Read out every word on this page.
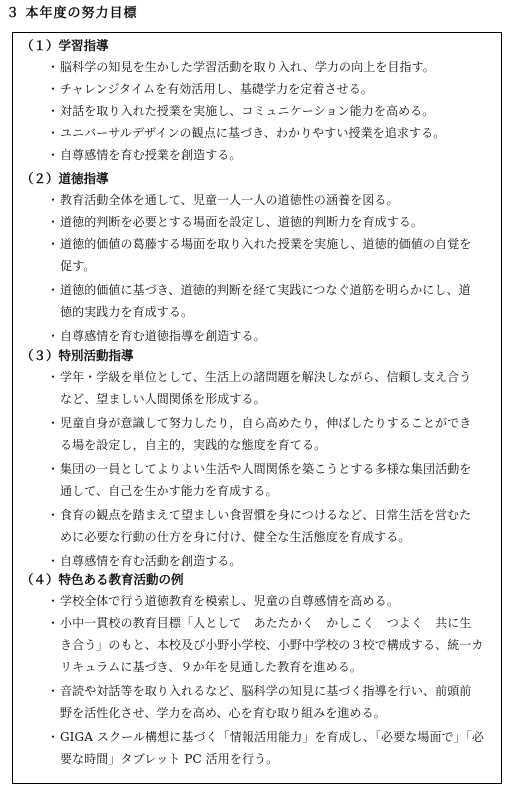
３ 本年度の努力目標
（１）学習指導
・ 脳科学の知見を生かした学習活動を取り入れ、学力の向上を目指す。
・ チャレンジタイムを有効活用し、基礎学力を定着させる。
・ 対話を取り入れた授業を実施し、コミュニケーション能力を高める。
・ ユニバーサルデザインの観点に基づき、わかりやすい授業を追求する。
・ 自尊感情を育む授業を創造する。
（２）道徳指導
・ 教育活動全体を通して、児童一人一人の道徳性の涵養を図る。
・ 道徳的判断を必要とする場面を設定し、道徳的判断力を育成する。
・ 道徳的価値の葛藤する場面を取り入れた授業を実施し、道徳的価値の自覚を
促す。
・ 道徳的価値に基づき、道徳的判断を経て実践につなぐ道筋を明らかにし、道
徳的実践力を育成する。
・ 自尊感情を育む道徳指導を創造する。
（３）特別活動指導
・ 学年・学級を単位として、生活上の諸問題を解決しながら、信頼し支え合う
など、望ましい人間関係を形成する。
・ 児童自身が意識して努力したり，自ら高めたり，伸ばしたりすることができ
る場を設定し，自主的，実践的な態度を育てる。
・ 集団の一員としてよりよい生活や人間関係を築こうとする多様な集団活動を
通して、自己を生かす能力を育成する。
・ 食育の観点を踏まえて望ましい食習慣を身につけるなど、日常生活を営むた
めに必要な行動の仕方を身に付け、健全な生活態度を育成する。
・ 自尊感情を育む活動を創造する。
（４）特色ある教育活動の例
・ 学校全体で行う道徳教育を模索し、児童の自尊感情を高める。
・ 小中一貫校の教育目標「人として　あたたかく　かしこく　つよく　共に生
き合う」のもと、本校及び小野小学校、小野中学校の３校で構成する、統一カ
リキュラムに基づき、９か年を見通した教育を進める。
・ 音読や対話等を取り入れるなど、脳科学の知見に基づく指導を行い、前頭前
野を活性化させ、学力を高め、心を育む取り組みを進める。
・ GIGA スクール構想に基づく「情報活用能力」を育成し、「必要な場面で」「必
要な時間」タブレット PC 活用を行う。
